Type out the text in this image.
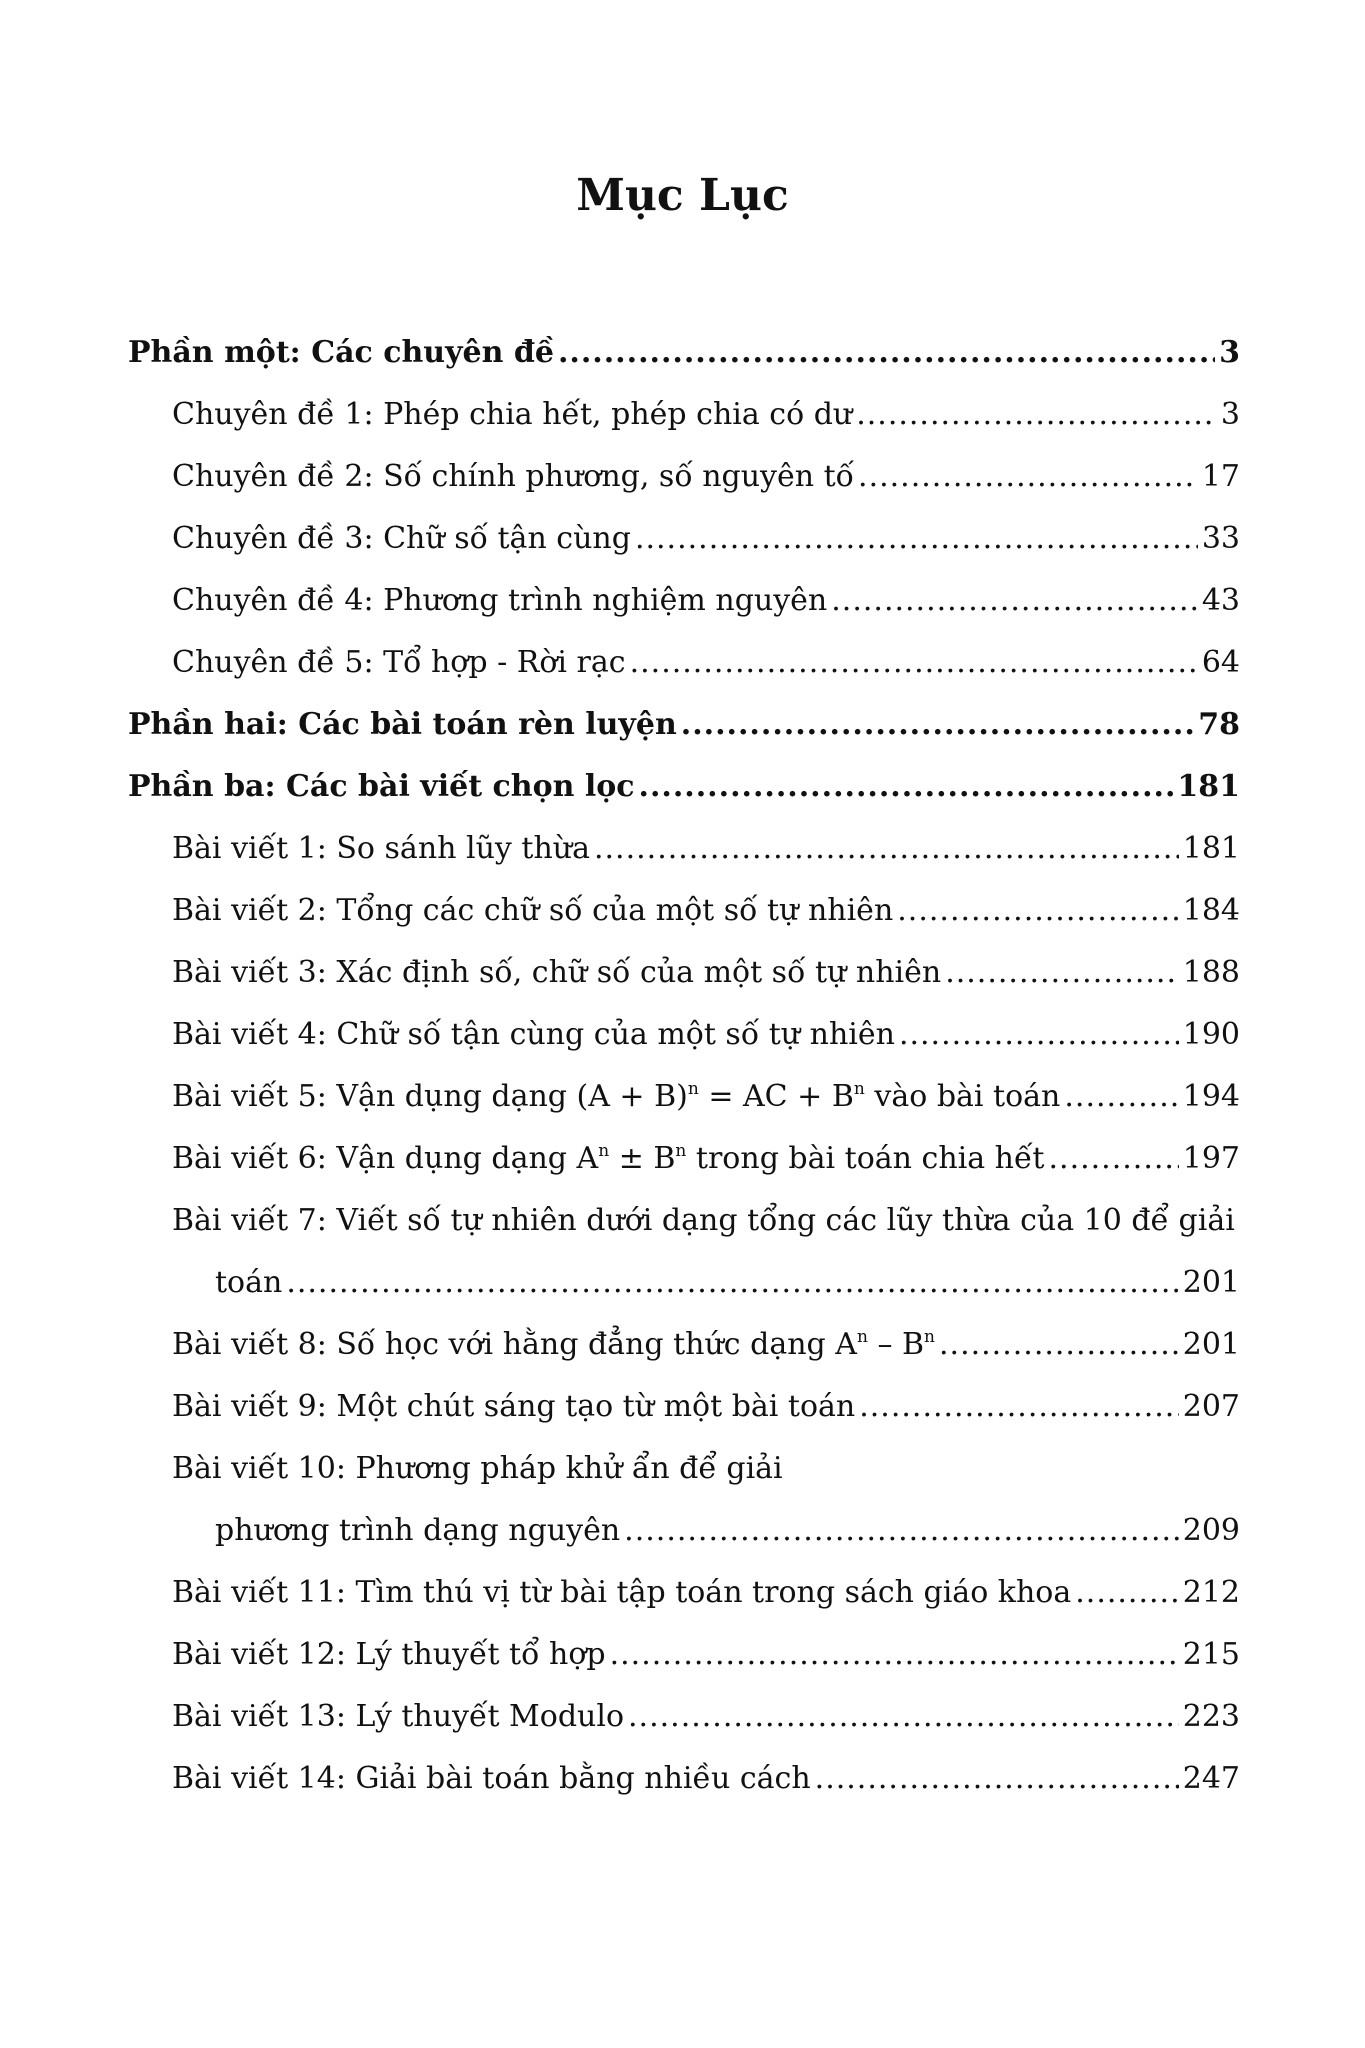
Mục Lục
Phần một: Các chuyên đề .....	3
Chuyên đề 1: Phép chia hết, phép chia có dư .....	3
Chuyên đề 2: Số chính phương, số nguyên tố .....	17
Chuyên đề 3: Chữ số tận cùng .....	33
Chuyên đề 4: Phương trình nghiệm nguyên .....	43
Chuyên đề 5: Tổ hợp - Rời rạc .....	64
Phần hai: Các bài toán rèn luyện .....	78
Phần ba: Các bài viết chọn lọc .....	181
Bài viết 1: So sánh lũy thừa .....	181
Bài viết 2: Tổng các chữ số của một số tự nhiên .....	184
Bài viết 3: Xác định số, chữ số của một số tự nhiên .....	188
Bài viết 4: Chữ số tận cùng của một số tự nhiên .....	190
Bài viết 5: Vận dụng dạng $(A + B)^n$ = AC + $B^n$ vào bài toán .....	194
Bài viết 6: Vận dụng dạng $A^n \pm B^n$ trong bài toán chia hết .....	197
Bài viết 7: Viết số tự nhiên dưới dạng tổng các lũy thừa của 10 để giải
toán .....	201
Bài viết 8: Số học với hằng đẳng thức dạng $A^n - B^n$ .....	201
Bài viết 9: Một chút sáng tạo từ một bài toán .....	207
Bài viết 10: Phương pháp khử ẩn để giải
phương trình dạng nguyên .....	209
Bài viết 11: Tìm thú vị từ bài tập toán trong sách giáo khoa .....	212
Bài viết 12: Lý thuyết tổ hợp .....	215
Bài viết 13: Lý thuyết Modulo .....	223
Bài viết 14: Giải bài toán bằng nhiều cách .....	247
